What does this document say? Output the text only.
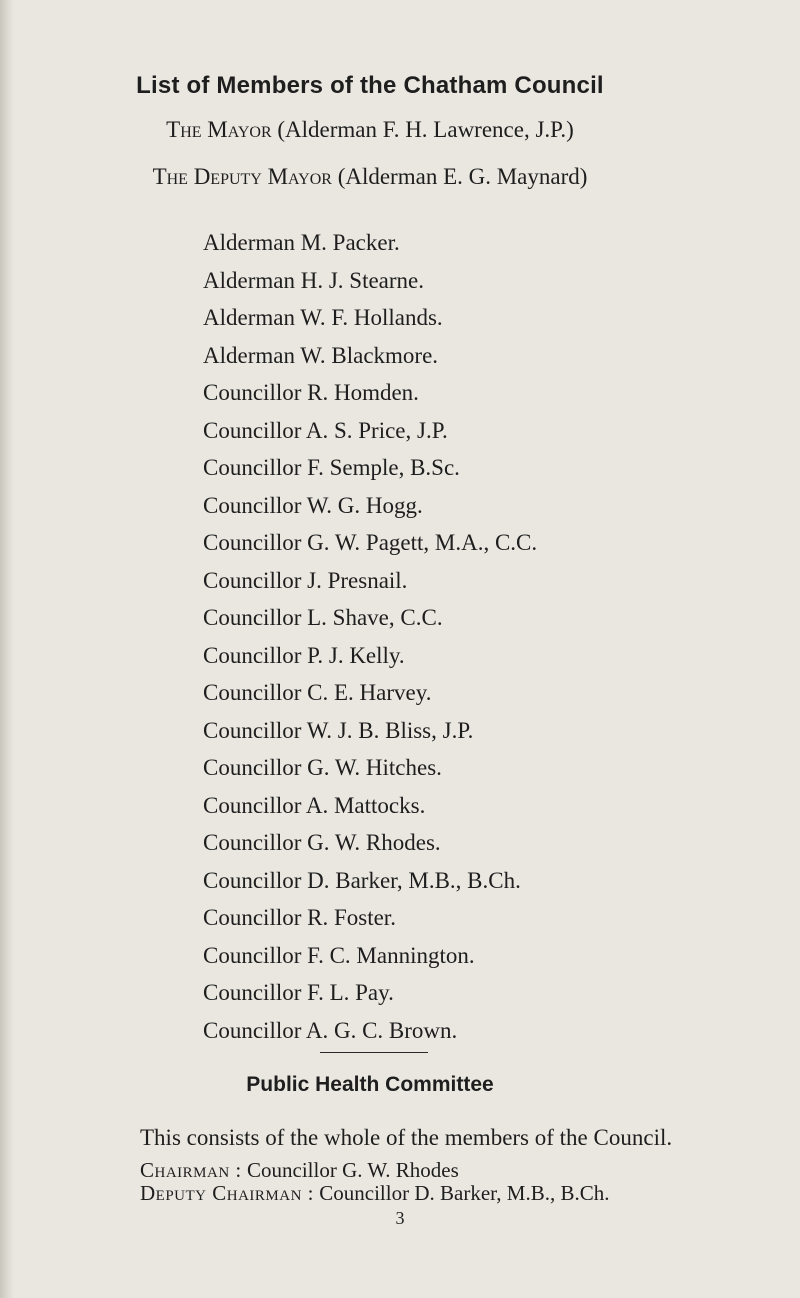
List of Members of the Chatham Council
The Mayor (Alderman F. H. Lawrence, J.P.)
The Deputy Mayor (Alderman E. G. Maynard)
Alderman M. Packer.
Alderman H. J. Stearne.
Alderman W. F. Hollands.
Alderman W. Blackmore.
Councillor R. Homden.
Councillor A. S. Price, J.P.
Councillor F. Semple, B.Sc.
Councillor W. G. Hogg.
Councillor G. W. Pagett, M.A., C.C.
Councillor J. Presnail.
Councillor L. Shave, C.C.
Councillor P. J. Kelly.
Councillor C. E. Harvey.
Councillor W. J. B. Bliss, J.P.
Councillor G. W. Hitches.
Councillor A. Mattocks.
Councillor G. W. Rhodes.
Councillor D. Barker, M.B., B.Ch.
Councillor R. Foster.
Councillor F. C. Mannington.
Councillor F. L. Pay.
Councillor A. G. C. Brown.
Public Health Committee
This consists of the whole of the members of the Council.
Chairman : Councillor G. W. Rhodes
Deputy Chairman : Councillor D. Barker, M.B., B.Ch.
3
